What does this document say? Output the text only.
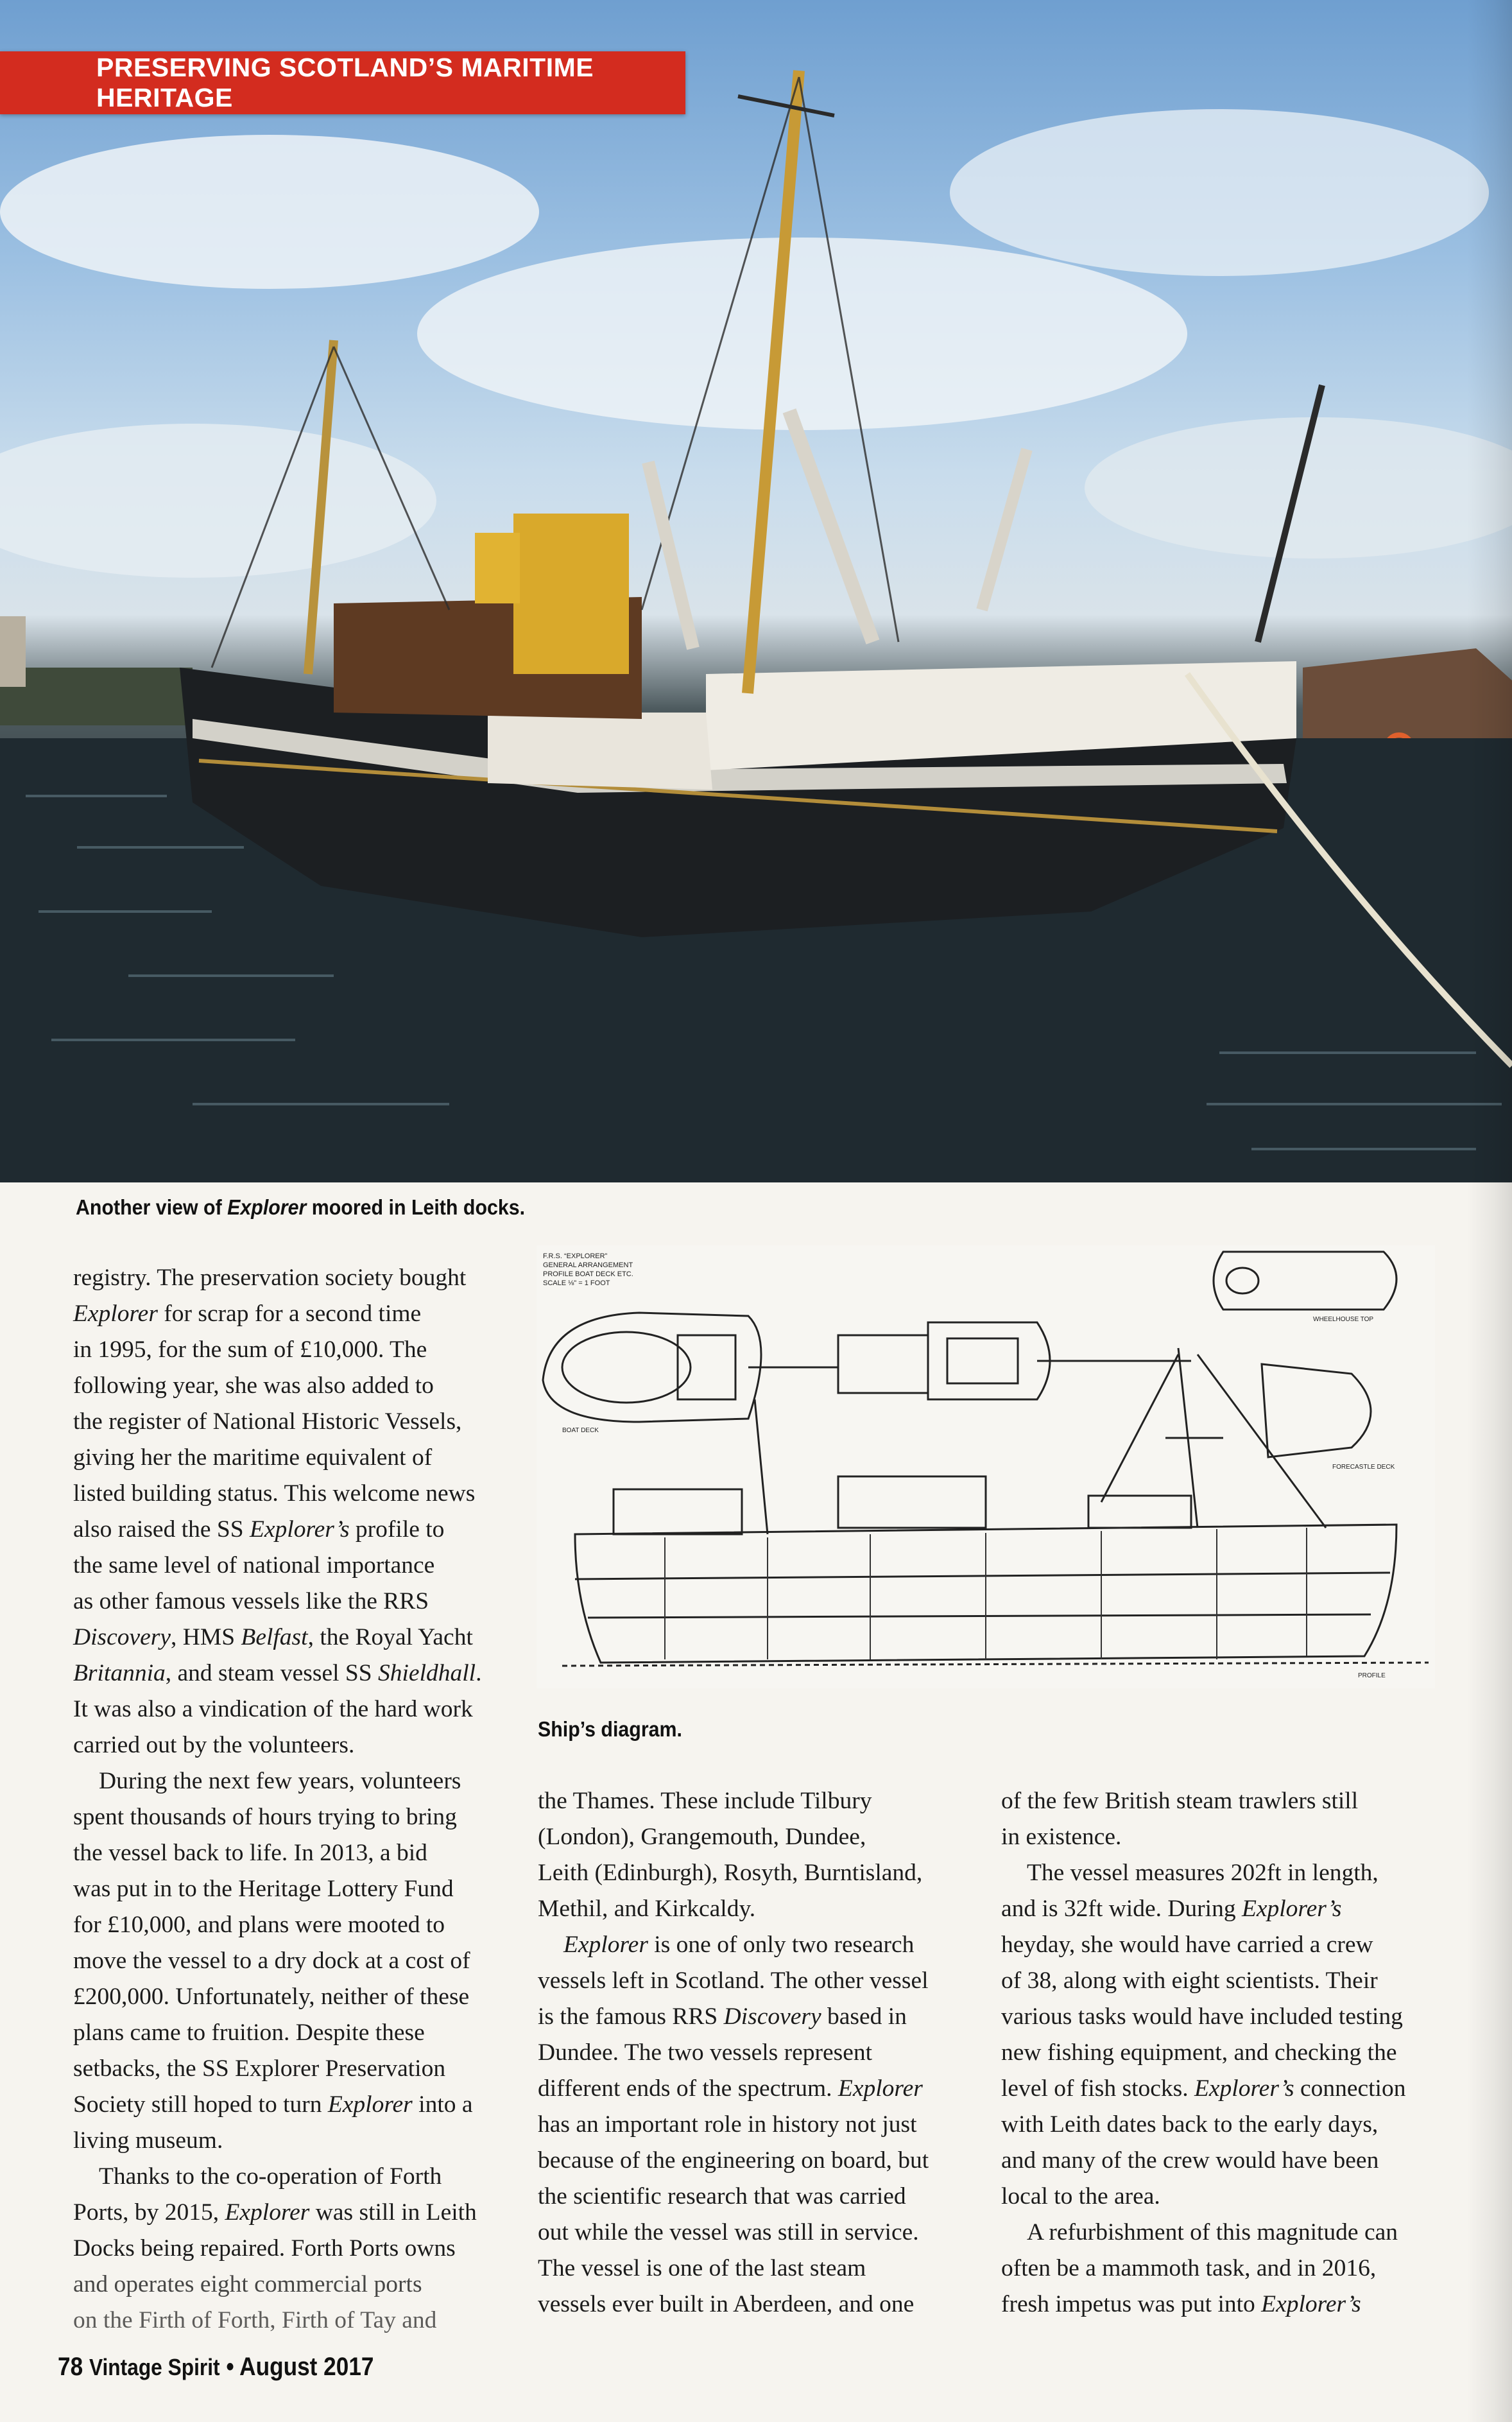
PRESERVING SCOTLAND’S MARITIME HERITAGE
Another view of Explorer moored in Leith docks.
F.R.S. “EXPLORER”
GENERAL ARRANGEMENT
PROFILE BOAT DECK ETC.
SCALE ⅛" = 1 FOOT
BOAT DECK
WHEELHOUSE TOP
FORECASTLE DECK
PROFILE
Ship’s diagram.

registry. The preservation society bought
Explorer for scrap for a second time
in 1995, for the sum of £10,000. The
following year, she was also added to
the register of National Historic Vessels,
giving her the maritime equivalent of
listed building status. This welcome news
also raised the SS Explorer’s profile to
the same level of national importance
as other famous vessels like the RRS
Discovery, HMS Belfast, the Royal Yacht
Britannia, and steam vessel SS Shieldhall.
It was also a vindication of the hard work
carried out by the volunteers.

During the next few years, volunteers
spent thousands of hours trying to bring
the vessel back to life. In 2013, a bid
was put in to the Heritage Lottery Fund
for £10,000, and plans were mooted to
move the vessel to a dry dock at a cost of
£200,000. Unfortunately, neither of these
plans came to fruition. Despite these
setbacks, the SS Explorer Preservation
Society still hoped to turn Explorer into a
living museum.

Thanks to the co-operation of Forth
Ports, by 2015, Explorer was still in Leith
Docks being repaired. Forth Ports owns
and operates eight commercial ports
on the Firth of Forth, Firth of Tay and

the Thames. These include Tilbury
(London), Grangemouth, Dundee,
Leith (Edinburgh), Rosyth, Burntisland,
Methil, and Kirkcaldy.

Explorer is one of only two research
vessels left in Scotland. The other vessel
is the famous RRS Discovery based in
Dundee. The two vessels represent
different ends of the spectrum. Explorer
has an important role in history not just
because of the engineering on board, but
the scientific research that was carried
out while the vessel was still in service.
The vessel is one of the last steam
vessels ever built in Aberdeen, and one

of the few British steam trawlers still
in existence.

The vessel measures 202ft in length,
and is 32ft wide. During Explorer’s
heyday, she would have carried a crew
of 38, along with eight scientists. Their
various tasks would have included testing
new fishing equipment, and checking the
level of fish stocks. Explorer’s connection
with Leith dates back to the early days,
and many of the crew would have been
local to the area.

A refurbishment of this magnitude can
often be a mammoth task, and in 2016,
fresh impetus was put into Explorer’s

78 Vintage Spirit • August 2017
